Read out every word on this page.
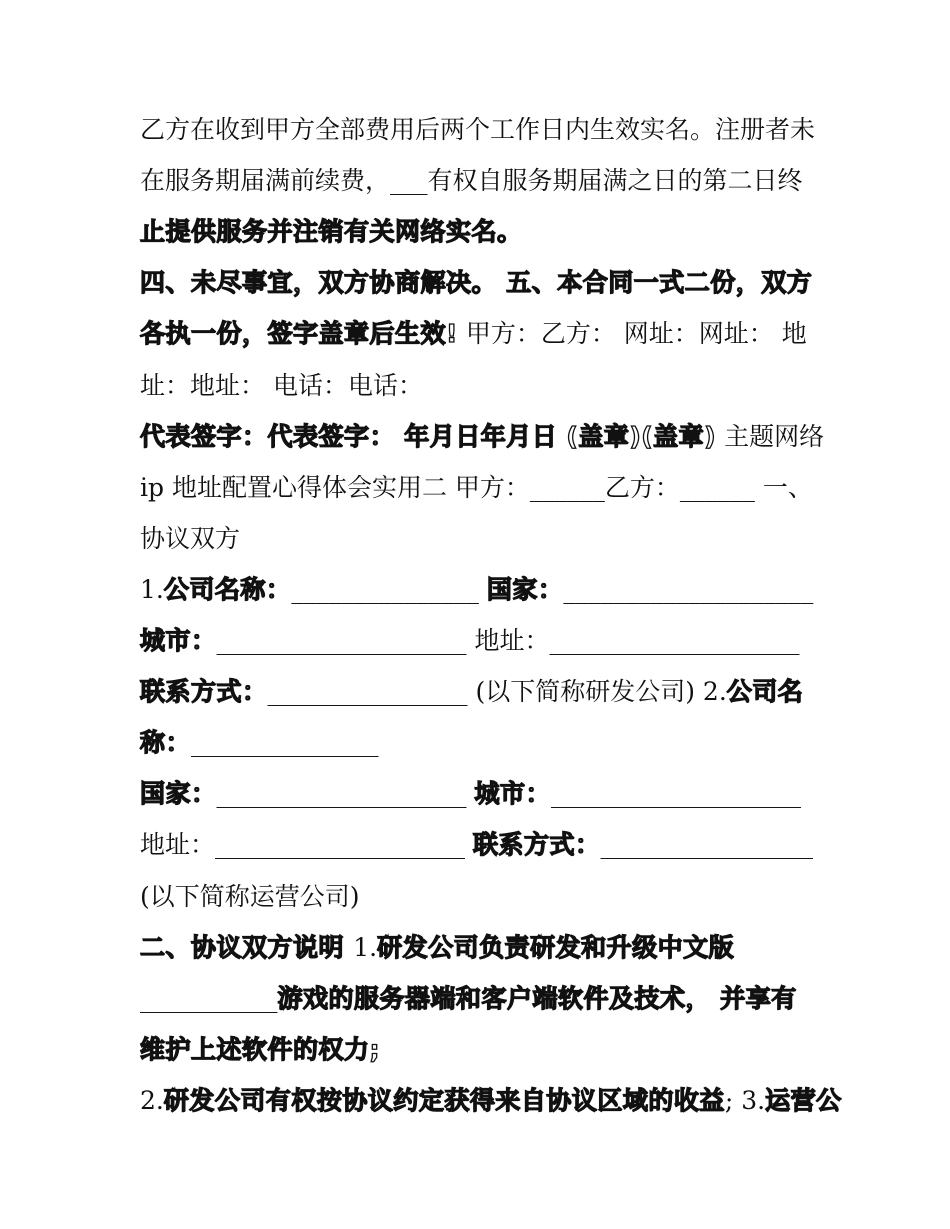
乙方在收到甲方全部费用后两个工作日内生效实名。注册者未
在服务期届满前续费，___有权自服务期届满之日的第二日终
止提供服务并注销有关网络实名。
四、未尽事宜，双方协商解决。 五、本合同一式二份，双方
各执一份，签字盖章后生效! 甲方：乙方： 网址：网址： 地
址：地址： 电话：电话：
代表签字：代表签字： 年月日年月日 (盖章)(盖章) 主题网络
ip 地址配置心得体会实用二 甲方：______乙方：______ 一、
协议双方
1.公司名称：_______________ 国家：____________________
城市：____________________ 地址：____________________
联系方式：________________ (以下简称研发公司) 2.公司名
称：_______________
国家：____________________ 城市：____________________
地址：____________________ 联系方式：_________________
(以下简称运营公司)
二、协议双方说明 1.研发公司负责研发和升级中文版
___________游戏的服务器端和客户端软件及技术， 并享有
维护上述软件的权力;
2.研发公司有权按协议约定获得来自协议区域的收益; 3.运营公
